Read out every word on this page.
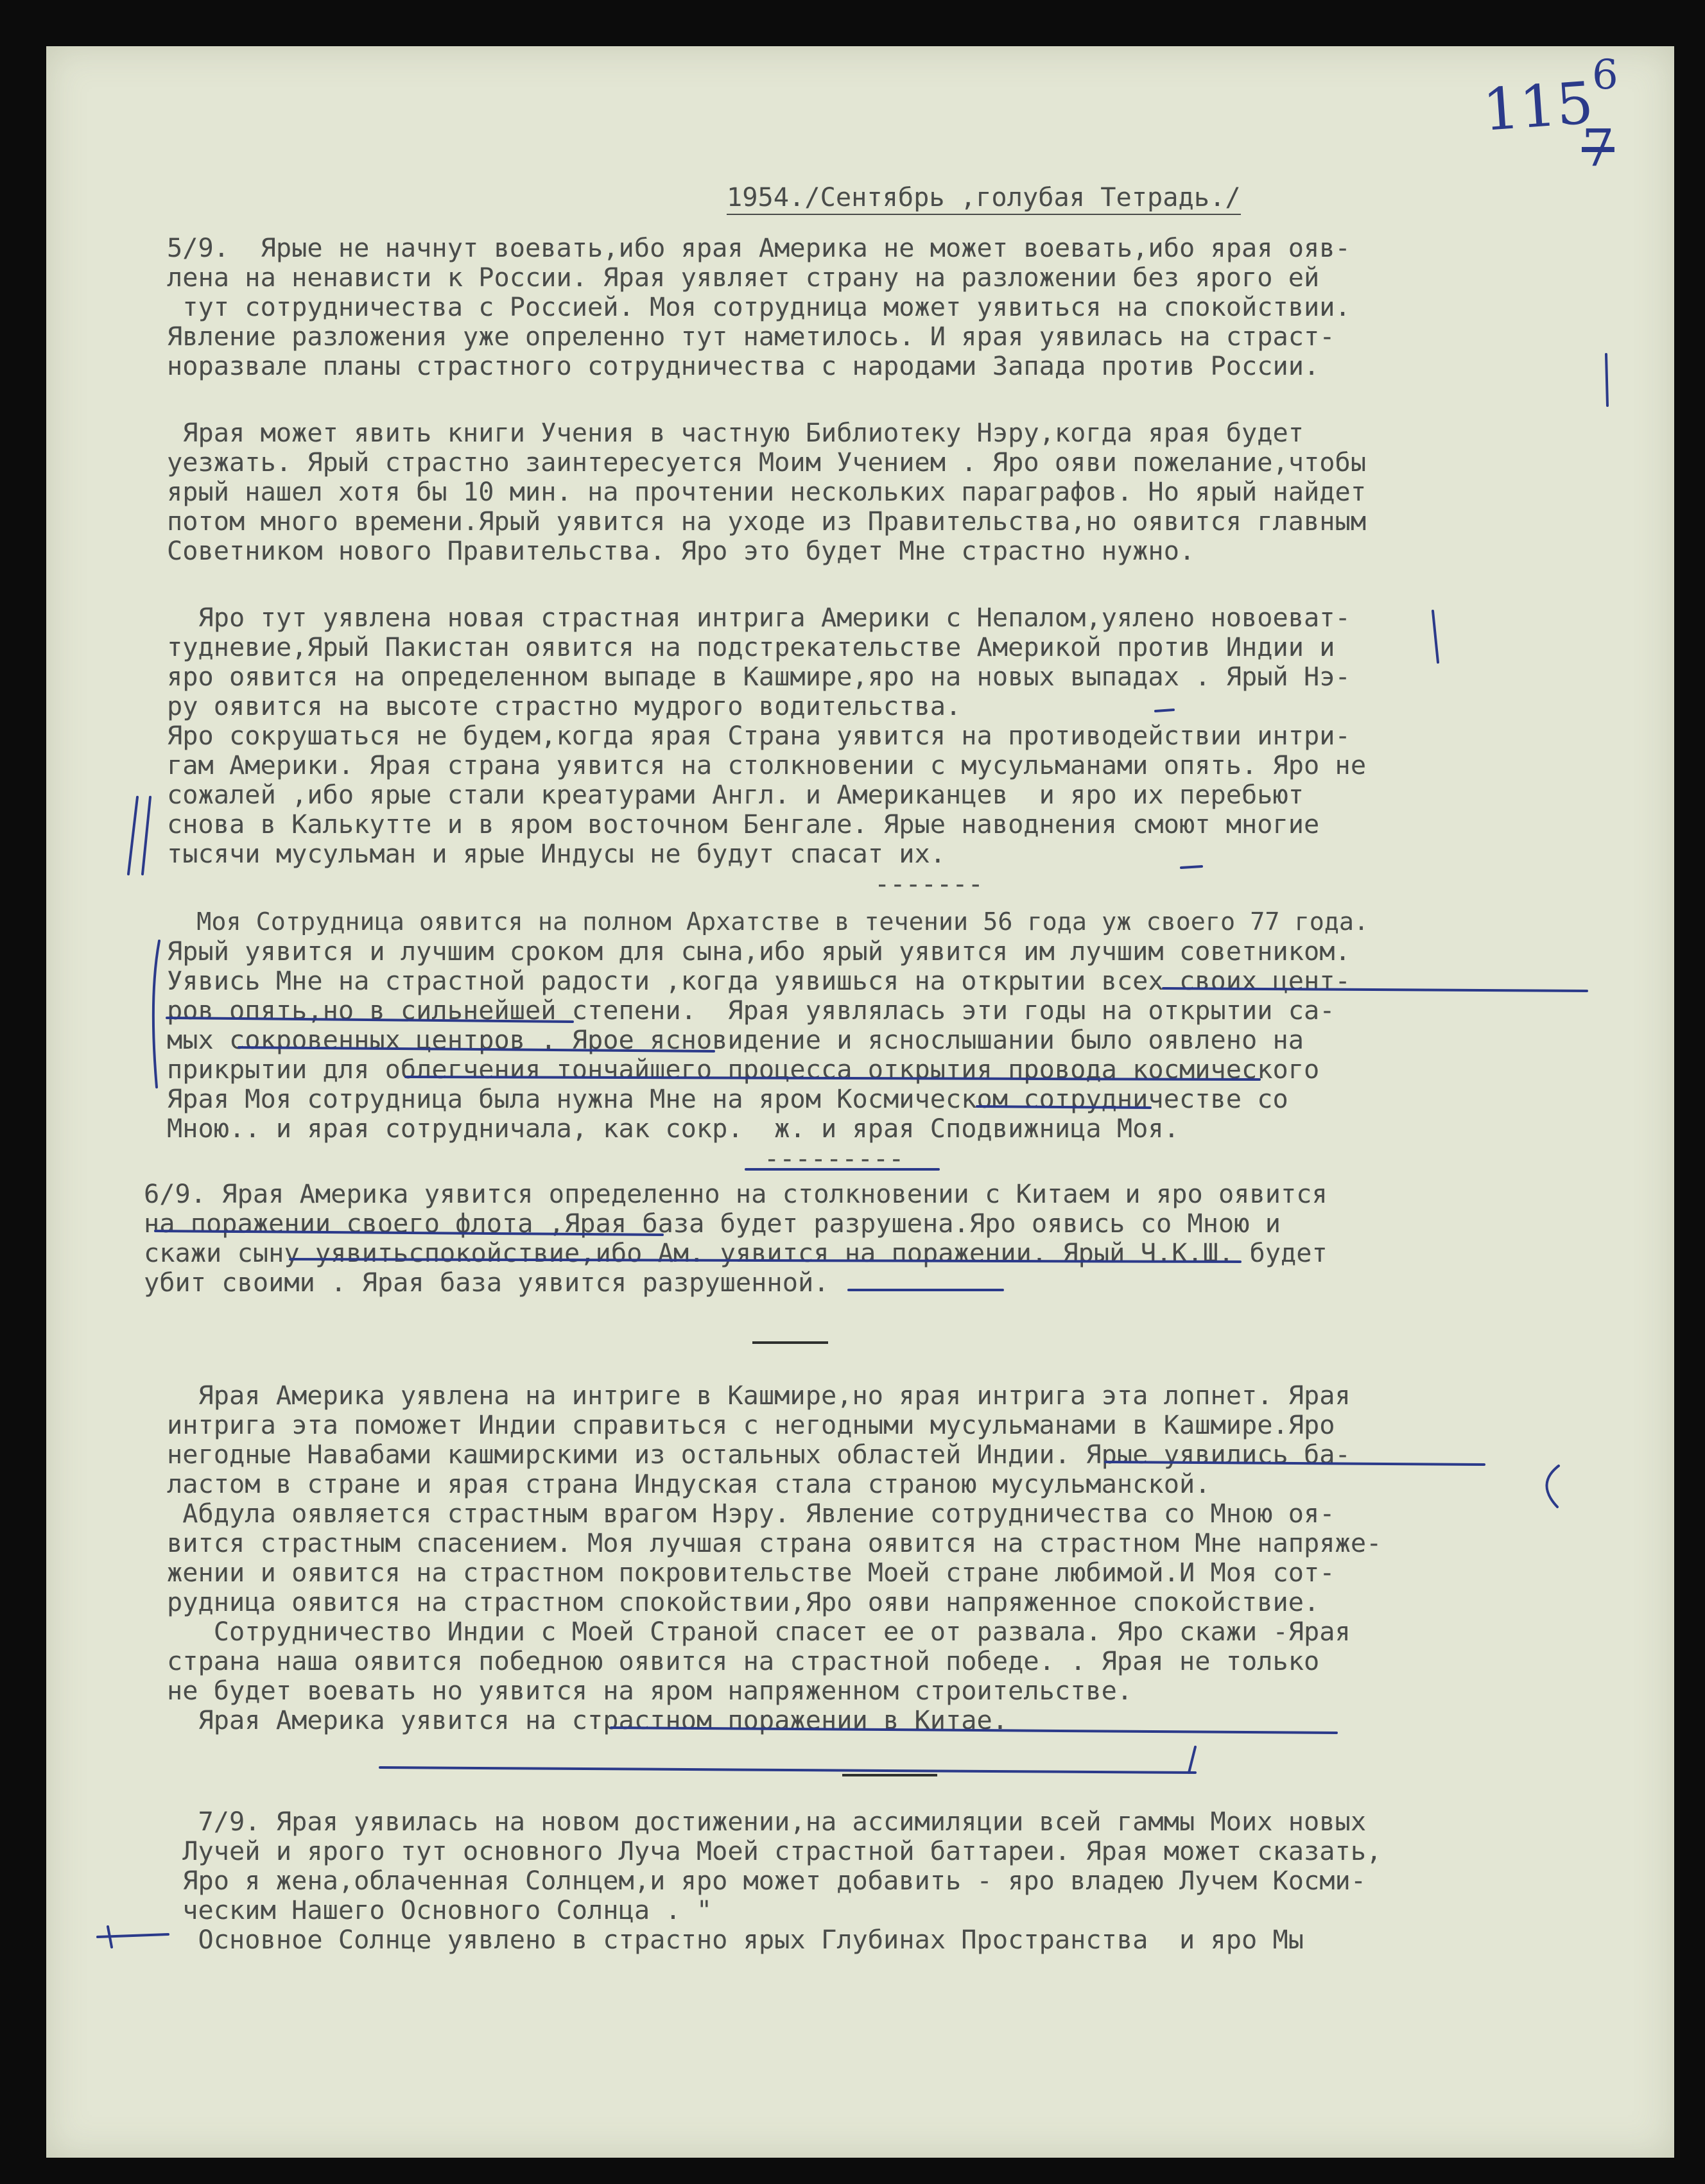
115
6
7
1954./Сентябрь ,голубая Тетрадь./
5/9.  Ярые не начнут воевать,ибо ярая Америка не может воевать,ибо ярая ояв-
лена на ненависти к России. Ярая уявляет страну на разложении без ярого ей
тут сотрудничества с Россией. Моя сотрудница может уявиться на спокойствии.
Явление разложения уже опреленно тут наметилось. И ярая уявилась на страст-
норазвале планы страстного сотрудничества с народами Запада против России.
Ярая может явить книги Учения в частную Библиотеку Нэру,когда ярая будет
уезжать. Ярый страстно заинтересуется Моим Учением . Яро ояви пожелание,чтобы
ярый нашел хотя бы 10 мин. на прочтении нескольких параграфов. Но ярый найдет
потом много времени.Ярый уявится на уходе из Правительства,но оявится главным
Советником нового Правительства. Яро это будет Мне страстно нужно.
Яро тут уявлена новая страстная интрига Америки с Непалом,уялено новоеват-
тудневие,Ярый Пакистан оявится на подстрекательстве Америкой против Индии и
яро оявится на определенном выпаде в Кашмире,яро на новых выпадах . Ярый Нэ-
ру оявится на высоте страстно мудрого водительства.
Яро сокрушаться не будем,когда ярая Страна уявится на противодействии интри-
гам Америки. Ярая страна уявится на столкновении с мусульманами опять. Яро не
сожалей ,ибо ярые стали креатурами Англ. и Американцев  и яро их перебьют
снова в Калькутте и в яром восточном Бенгале. Ярые наводнения смоют многие
тысячи мусульман и ярые Индусы не будут спасат их.
-------
Моя Сотрудница оявится на полном Архатстве в течении 56 года уж своего 77 года.
Ярый уявится и лучшим сроком для сына,ибо ярый уявится им лучшим советником.
Уявись Мне на страстной радости ,когда уявишься на открытии всех своих цент-
ров опять,но в сильнейшей степени.  Ярая уявлялась эти годы на открытии са-
мых сокровенных центров . Ярое ясновидение и яснослышании было оявлено на
прикрытии для облегчения тончайшего процесса открытия провода космического
Ярая Моя сотрудница была нужна Мне на яром Космическом сотрудничестве со
Мною.. и ярая сотрудничала, как сокр.  ж. и ярая Сподвижница Моя.
---------
6/9. Ярая Америка уявится определенно на столкновении с Китаем и яро оявится
на поражении своего флота ,Ярая база будет разрушена.Яро оявись со Мною и
скажи сыну уявитьспокойствие,ибо Ам. уявится на поражении. Ярый Ч.К.Ш. будет
убит своими . Ярая база уявится разрушенной.
Ярая Америка уявлена на интриге в Кашмире,но ярая интрига эта лопнет. Ярая
интрига эта поможет Индии справиться с негодными мусульманами в Кашмире.Яро
негодные Навабами кашмирскими из остальных областей Индии. Ярые уявились ба-
ластом в стране и ярая страна Индуская стала страною мусульманской.
Абдула оявляется страстным врагом Нэру. Явление сотрудничества со Мною оя-
вится страстным спасением. Моя лучшая страна оявится на страстном Мне напряже-
жении и оявится на страстном покровительстве Моей стране любимой.И Моя сот-
рудница оявится на страстном спокойствии,Яро ояви напряженное спокойствие.
Сотрудничество Индии с Моей Страной спасет ее от развала. Яро скажи -Ярая
страна наша оявится победною оявится на страстной победе. . Ярая не только
не будет воевать но уявится на яром напряженном строительстве.
Ярая Америка уявится на страстном поражении в Китае.
7/9. Ярая уявилась на новом достижении,на ассимиляции всей гаммы Моих новых
Лучей и ярого тут основного Луча Моей страстной баттареи. Ярая может сказать,
Яро я жена,облаченная Солнцем,и яро может добавить - яро владею Лучем Косми-
ческим Нашего Основного Солнца . "
Основное Солнце уявлено в страстно ярых Глубинах Пространства  и яро Мы
